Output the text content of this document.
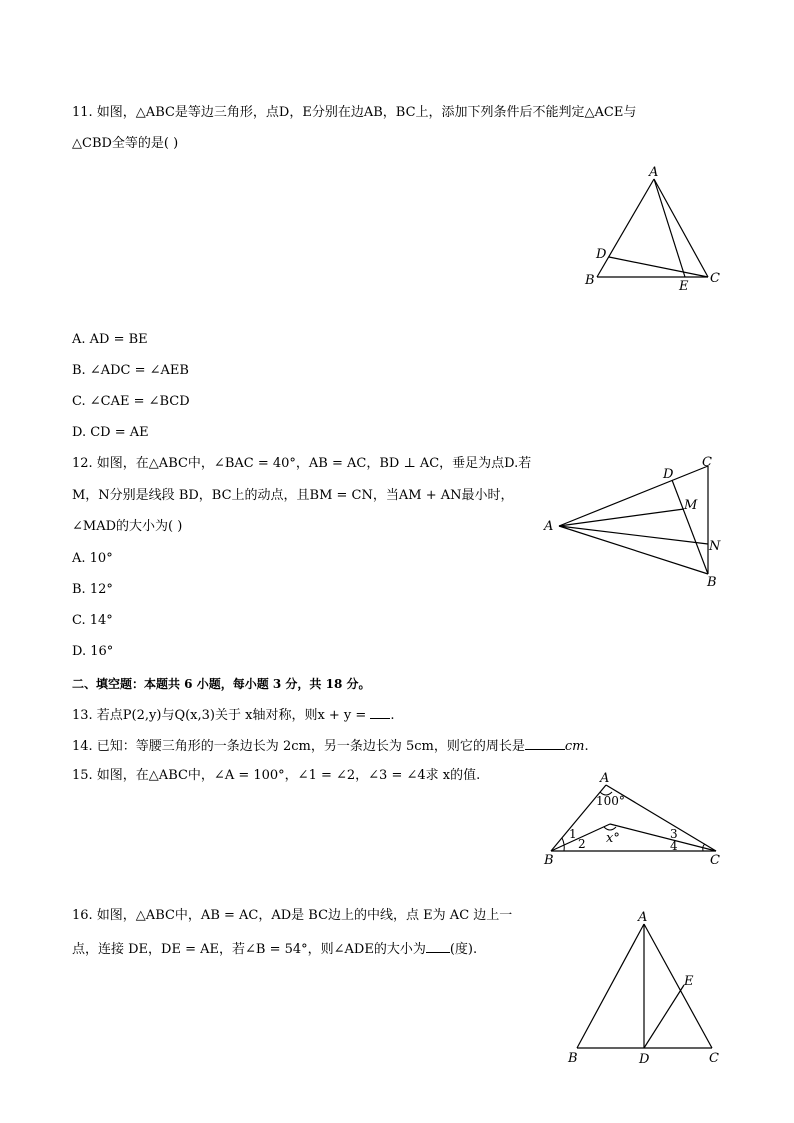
11. 如图，△ABC是等边三角形，点D，E分别在边AB，BC上，添加下列条件后不能判定△ACE与
△CBD全等的是( )
A
B	C
D
E
A. AD = BE
B. ∠ADC = ∠AEB
C. ∠CAE = ∠BCD
D. CD = AE
12. 如图，在△ABC中，∠BAC = 40°，AB = AC，BD ⊥ AC，垂足为点D.若
M，N分别是线段 BD，BC上的动点，且BM = CN，当AM + AN最小时，
∠MAD的大小为( )	A
B
C
D
M
N
A. 10°
B. 12°
C. 14°
D. 16°
二、填空题：本题共 6 小题，每小题 3 分，共 18 分。
13. 若点P(2,y)与Q(x,3)关于 x轴对称，则x + y = .
14. 已知：等腰三角形的一条边长为 2cm，另一条边长为 5cm，则它的周长是	cm.
15. 如图，在△ABC中，∠A = 100°，∠1 = ∠2，∠3 = ∠4求 x的值.	A
B	C
100°
x°
1
2
3
4
16. 如图，△ABC中，AB = AC，AD是 BC边上的中线，点 E为 AC 边上一
点，连接 DE，DE = AE，若∠B = 54°，则∠ADE的大小为 (度).
A
B	C
D
E
